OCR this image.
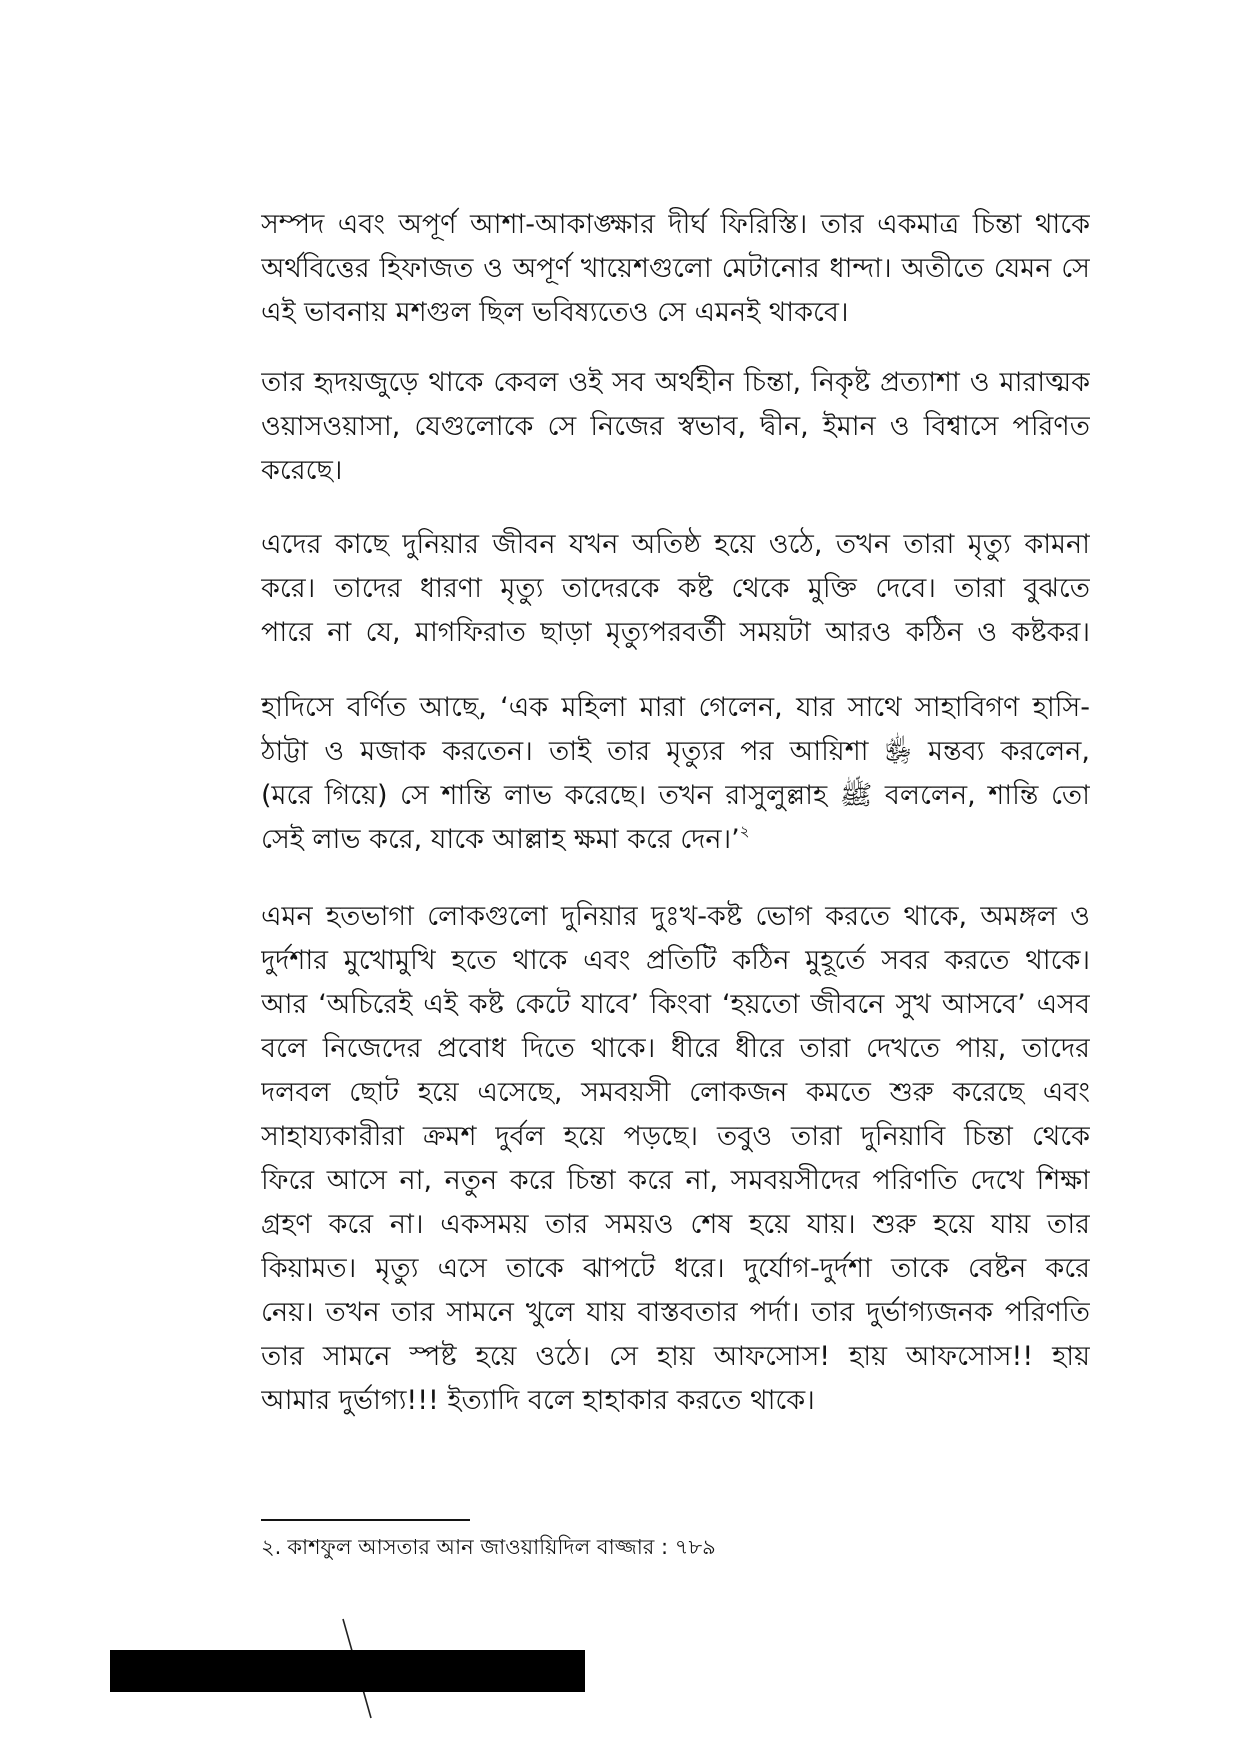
সম্পদ এবং অপূর্ণ আশা-আকাঙ্ক্ষার দীর্ঘ ফিরিস্তি। তার একমাত্র চিন্তা থাকে
অর্থবিত্তের হিফাজত ও অপূর্ণ খায়েশগুলো মেটানোর ধান্দা। অতীতে যেমন সে
এই ভাবনায় মশগুল ছিল ভবিষ্যতেও সে এমনই থাকবে।
তার হৃদয়জুড়ে থাকে কেবল ওই সব অর্থহীন চিন্তা, নিকৃষ্ট প্রত্যাশা ও মারাত্মক
ওয়াসওয়াসা, যেগুলোকে সে নিজের স্বভাব, দ্বীন, ইমান ও বিশ্বাসে পরিণত
করেছে।
এদের কাছে দুনিয়ার জীবন যখন অতিষ্ঠ হয়ে ওঠে, তখন তারা মৃত্যু কামনা
করে। তাদের ধারণা মৃত্যু তাদেরকে কষ্ট থেকে মুক্তি দেবে। তারা বুঝতে
পারে না যে, মাগফিরাত ছাড়া মৃত্যুপরবর্তী সময়টা আরও কঠিন ও কষ্টকর।
হাদিসে বর্ণিত আছে, ‘এক মহিলা মারা গেলেন, যার সাথে সাহাবিগণ হাসি-
ঠাট্টা ও মজাক করতেন। তাই তার মৃত্যুর পর আয়িশা ﵂ মন্তব্য করলেন,
(মরে গিয়ে) সে শান্তি লাভ করেছে। তখন রাসুলুল্লাহ ﷺ বললেন, শান্তি তো
সেই লাভ করে, যাকে আল্লাহ ক্ষমা করে দেন।’$^২$
এমন হতভাগা লোকগুলো দুনিয়ার দুঃখ-কষ্ট ভোগ করতে থাকে, অমঙ্গল ও
দুর্দশার মুখোমুখি হতে থাকে এবং প্রতিটি কঠিন মুহূর্তে সবর করতে থাকে।
আর ‘অচিরেই এই কষ্ট কেটে যাবে’ কিংবা ‘হয়তো জীবনে সুখ আসবে’ এসব
বলে নিজেদের প্রবোধ দিতে থাকে। ধীরে ধীরে তারা দেখতে পায়, তাদের
দলবল ছোট হয়ে এসেছে, সমবয়সী লোকজন কমতে শুরু করেছে এবং
সাহায্যকারীরা ক্রমশ দুর্বল হয়ে পড়ছে। তবুও তারা দুনিয়াবি চিন্তা থেকে
ফিরে আসে না, নতুন করে চিন্তা করে না, সমবয়সীদের পরিণতি দেখে শিক্ষা
গ্রহণ করে না। একসময় তার সময়ও শেষ হয়ে যায়। শুরু হয়ে যায় তার
কিয়ামত। মৃত্যু এসে তাকে ঝাপটে ধরে। দুর্যোগ-দুর্দশা তাকে বেষ্টন করে
নেয়। তখন তার সামনে খুলে যায় বাস্তবতার পর্দা। তার দুর্ভাগ্যজনক পরিণতি
তার সামনে স্পষ্ট হয়ে ওঠে। সে হায় আফসোস! হায় আফসোস!! হায়
আমার দুর্ভাগ্য!!! ইত্যাদি বলে হাহাকার করতে থাকে।
২. কাশফুল আসতার আন জাওয়ায়িদিল বাজ্জার : ৭৮৯
